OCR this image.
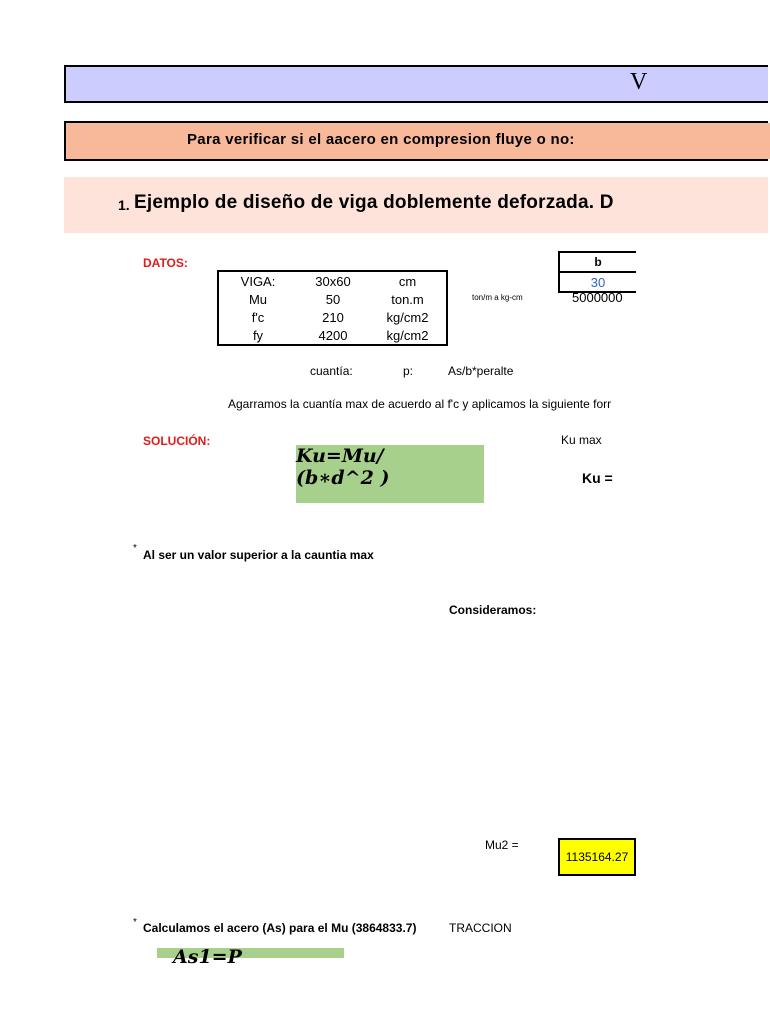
V
Para verificar si el aacero en compresion fluye o no:
1. Ejemplo de diseño de viga doblemente deforzada. D
DATOS:
VIGA:	30x60	cm
Mu	50	ton.m
f'c	210	kg/cm2
fy	4200	kg/cm2
ton/m a kg-cm	5000000
b
30
cuantía:	p:	As/b*peralte
Agarramos la cuantía max de acuerdo al f'c y aplicamos la siguiente forr
SOLUCIÓN:
Ku=Mu/
(b∗d^2 )
Ku max
Ku =
* Al ser un valor superior a la cauntia max
Consideramos:
Mu2 =
1135164.27
* Calculamos el acero (As) para el Mu (3864833.7)	TRACCION
As1=P
